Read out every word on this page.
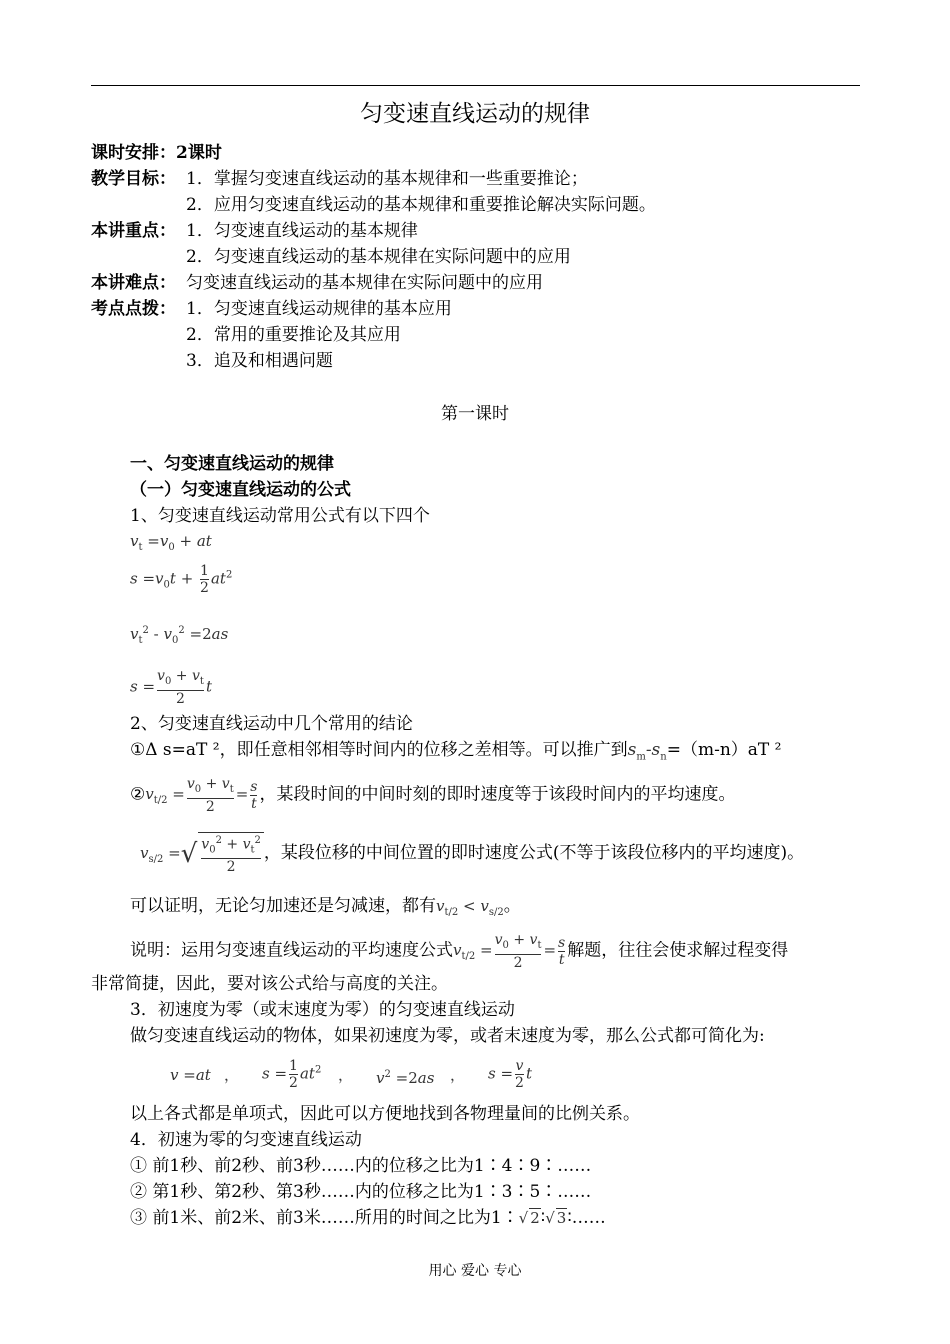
匀变速直线运动的规律
课时安排：2课时
教学目标： 1．掌握匀变速直线运动的基本规律和一些重要推论；
2．应用匀变速直线运动的基本规律和重要推论解决实际问题。
本讲重点： 1．匀变速直线运动的基本规律
2．匀变速直线运动的基本规律在实际问题中的应用
本讲难点： 匀变速直线运动的基本规律在实际问题中的应用
考点点拨： 1．匀变速直线运动规律的基本应用
2．常用的重要推论及其应用
3．追及和相遇问题
第一课时
一、匀变速直线运动的规律
（一）匀变速直线运动的公式
1、匀变速直线运动常用公式有以下四个
$v_t =v_0$ + at
$s =v_0t + \frac{1}{2} at^2$
$v_t^2 - v_0^2 =2as$
$s = \frac{v_0 + v_t}{2}$ t
2、匀变速直线运动中几个常用的结论
①Δ s=aT ²，即任意相邻相等时间内的位移之差相等。可以推广到$s_m-s_n=(m-n)aT$ ²
$②v_{t/2} = \frac{v_0 + v_t}{2} = \frac{s}{t}$ ，某段时间的中间时刻的即时速度等于该段时间内的平均速度。
$v_{s/2}$ =√ $\frac{v_0^2 + v_t^2}{2}$ ，某段位移的中间位置的即时速度公式(不等于该段位移内的平均速度)。
可以证明，无论匀加速还是匀减速，都有$v_{t/2} < v_{s/2}$。
说明：运用匀变速直线运动的平均速度公式$v_{t/2} = \frac{v_0 + v_t}{2} = \frac{s}{t}$ 解题，往往会使求解过程变得
非常简捷，因此，要对该公式给与高度的关注。
3．初速度为零（或末速度为零）的匀变速直线运动
做匀变速直线运动的物体，如果初速度为零，或者末速度为零，那么公式都可简化为:
v =at ， $s = \frac{1}{2} at^2$ ， $v^2 =2as$ ， $s = \frac{v}{2}$ t
以上各式都是单项式，因此可以方便地找到各物理量间的比例关系。
4．初速为零的匀变速直线运动
① 前1秒、前2秒、前3秒……内的位移之比为1∶4∶9∶……
② 第1秒、第2秒、第3秒……内的位移之比为1∶3∶5∶……
③ 前1米、前2米、前3米……所用的时间之比为1∶√ 2∶√ 3∶……
用心 爱心 专心
